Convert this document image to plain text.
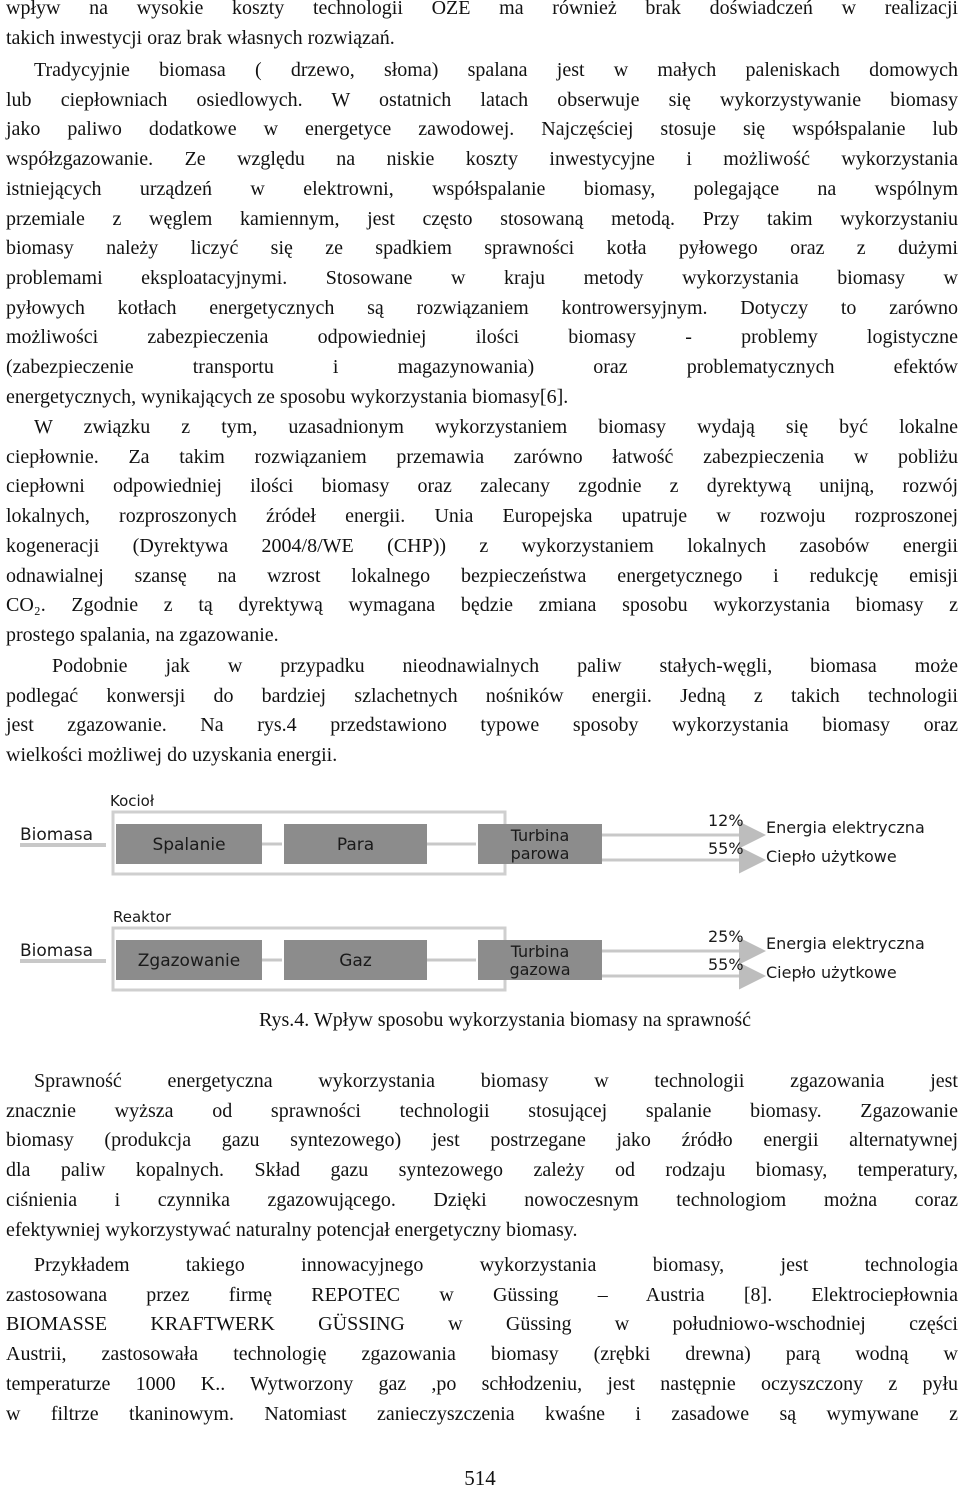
wpływ na wysokie koszty technologii OZE ma również brak doświadczeń w realizacji
takich inwestycji oraz brak własnych rozwiązań.
Tradycyjnie biomasa ( drzewo, słoma) spalana jest w małych paleniskach domowych
lub ciepłowniach osiedlowych. W ostatnich latach obserwuje się wykorzystywanie biomasy
jako paliwo dodatkowe w energetyce zawodowej. Najczęściej stosuje się współspalanie lub
współzgazowanie. Ze względu na niskie koszty inwestycyjne i możliwość wykorzystania
istniejących urządzeń w elektrowni, współspalanie biomasy, polegające na wspólnym
przemiale z węglem kamiennym, jest często stosowaną metodą. Przy takim wykorzystaniu
biomasy należy liczyć się ze spadkiem sprawności kotła pyłowego oraz z dużymi
problemami eksploatacyjnymi. Stosowane w kraju metody wykorzystania biomasy w
pyłowych kotłach energetycznych są rozwiązaniem kontrowersyjnym. Dotyczy to zarówno
możliwości zabezpieczenia odpowiedniej ilości biomasy - problemy logistyczne
(zabezpieczenie transportu i magazynowania) oraz problematycznych efektów
energetycznych, wynikających ze sposobu wykorzystania biomasy[6].
W związku z tym, uzasadnionym wykorzystaniem biomasy wydają się być lokalne
ciepłownie. Za takim rozwiązaniem przemawia zarówno łatwość zabezpieczenia w pobliżu
ciepłowni odpowiedniej ilości biomasy oraz zalecany zgodnie z dyrektywą unijną, rozwój
lokalnych, rozproszonych źródeł energii. Unia Europejska upatruje w rozwoju rozproszonej
kogeneracji (Dyrektywa 2004/8/WE (CHP)) z wykorzystaniem lokalnych zasobów energii
odnawialnej szansę na wzrost lokalnego bezpieczeństwa energetycznego i redukcję emisji
CO₂. Zgodnie z tą dyrektywą wymagana będzie zmiana sposobu wykorzystania biomasy z
prostego spalania, na zgazowanie.
Podobnie jak w przypadku nieodnawialnych paliw stałych-węgli, biomasa może
podlegać konwersji do bardziej szlachetnych nośników energii. Jedną z takich technologii
jest zgazowanie. Na rys.4 przedstawiono typowe sposoby wykorzystania biomasy oraz
wielkości możliwej do uzyskania energii.
Kocioł
Biomasa	Spalanie	Para	Turbina
parowa
12% Energia elektryczna
55% Ciepło użytkowe
Reaktor
Biomasa	Zgazowanie	Gaz	Turbina
gazowa
25% Energia elektryczna
55% Ciepło użytkowe
Rys.4. Wpływ sposobu wykorzystania biomasy na sprawność
Sprawność energetyczna wykorzystania biomasy w technologii zgazowania jest
znacznie wyższa od sprawności technologii stosującej spalanie biomasy. Zgazowanie
biomasy (produkcja gazu syntezowego) jest postrzegane jako źródło energii alternatywnej
dla paliw kopalnych. Skład gazu syntezowego zależy od rodzaju biomasy, temperatury,
ciśnienia i czynnika zgazowującego. Dzięki nowoczesnym technologiom można coraz
efektywniej wykorzystywać naturalny potencjał energetyczny biomasy.
Przykładem takiego innowacyjnego wykorzystania biomasy, jest technologia
zastosowana przez firmę REPOTEC w Güssing – Austria [8]. Elektrociepłownia
BIOMASSE KRAFTWERK GÜSSING w Güssing w południowo-wschodniej części
Austrii, zastosowała technologię zgazowania biomasy (zrębki drewna) parą wodną w
temperaturze 1000 K.. Wytworzony gaz ,po schłodzeniu, jest następnie oczyszczony z pyłu
w filtrze tkaninowym. Natomiast zanieczyszczenia kwaśne i zasadowe są wymywane z
514
